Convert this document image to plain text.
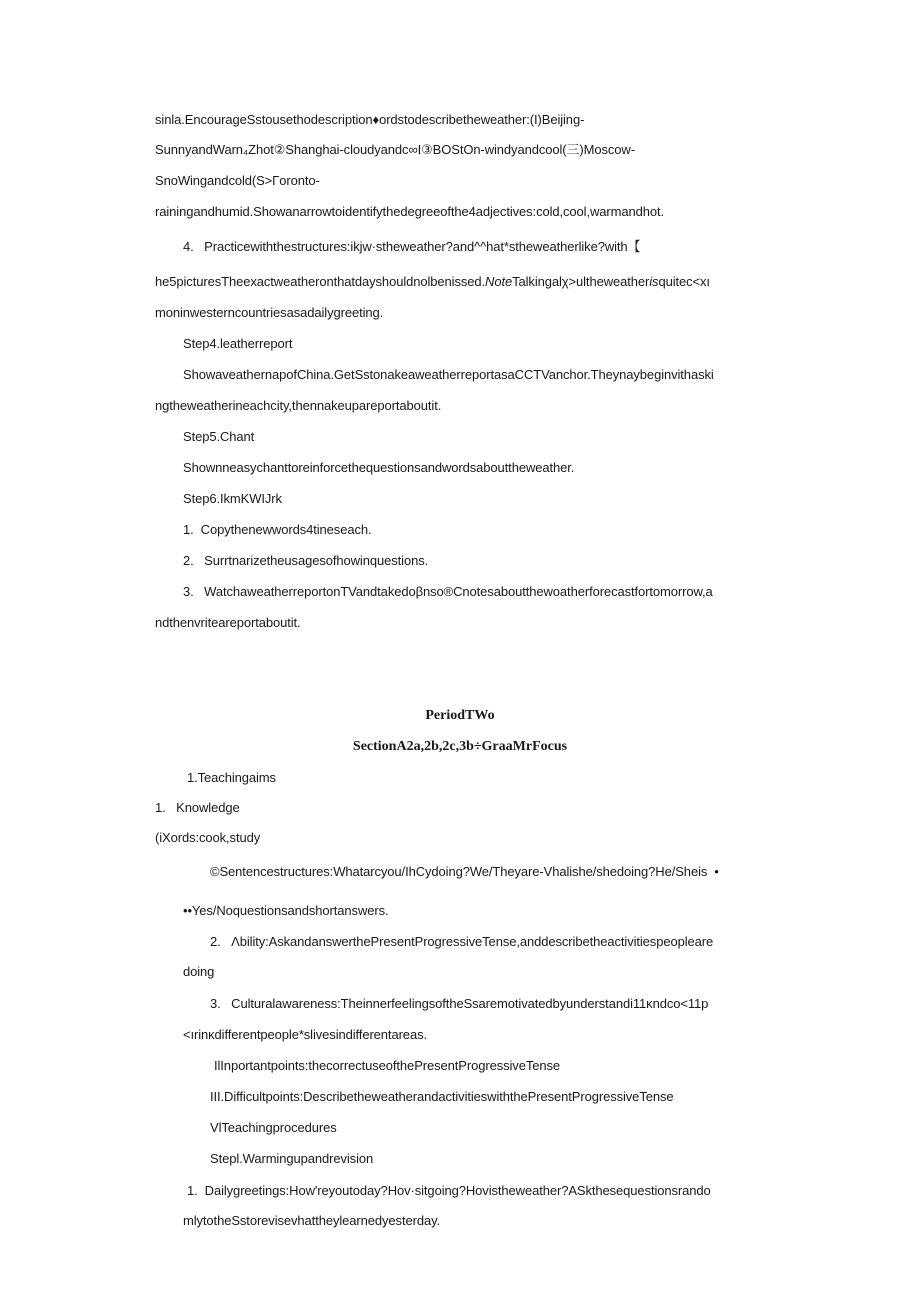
sinla.EncourageSstousethodescription♦ordstodescribetheweather:(I)Beijing-
SunnyandWarn₄Zhot②Shanghai-cloudyandc∞I③BOStOn-windyandcool(三)Moscow-
SnoWingandcold(S>Γoronto-
rainingandhumid.Showanarrowtoidentifythedegreeofthe4adjectives:cold,cool,warmandhot.
4.   Practicewiththestructures:ikjw·stheweather?and^^hat*stheweatherlike?with【
he5picturesTheexactweatheronthatdayshouldnolbenissed.NoteTalkingalχ>ultheweatherisquitec<xı
moninwesterncountriesasadailygreeting.
Step4.leatherreport
ShowaveathernapofChina.GetSstonakeaweatherreportasaCCTVanchor.Theynaybeginvithaski
ngtheweatherineachcity,thennakeupareportaboutit.
Step5.Chant
Shownneasychanttoreinforcethequestionsandwordsabouttheweather.
Step6.IkmKWIJrk
1.  Copythenewwords4tineseach.
2.   Surrtnarizetheusagesofhowinquestions.
3.   WatchaweatherreportonTVandtakedoβnso®Cnotesaboutthewoatherforecastfortomorrow,a
ndthenvriteareportaboutit.
PeriodTWo
SectionA2a,2b,2c,3b÷GraaMrFocus
1.Teachingaims
1.   Knowledge
(iXords:cook,study
©Sentencestructures:Whatarcyou/IhCydoing?We/Theyare-Vhalishe/shedoing?He/Sheis  •
••Yes/Noquestionsandshortanswers.
2.   Λbility:AskandanswerthePresentProgressiveTense,anddescribetheactivitiespeopleare
doing
3.   Culturalawareness:TheinnerfeelingsoftheSsaremotivatedbyunderstandi11κndco<11p
<ırinκdifferentpeople*slivesindifferentareas.
IlInportantpoints:thecorrectuseofthePresentProgressiveTense
III.Difficultpoints:DescribetheweatherandactivitieswiththePresentProgressiveTense
VlTeachingprocedures
Stepl.Warmingupandrevision
1.  Dailygreetings:How'reyoutoday?Hov·sitgoing?Hovistheweather?ASkthesequestionsrando
mlytotheSstorevisevhattheylearnedyesterday.
